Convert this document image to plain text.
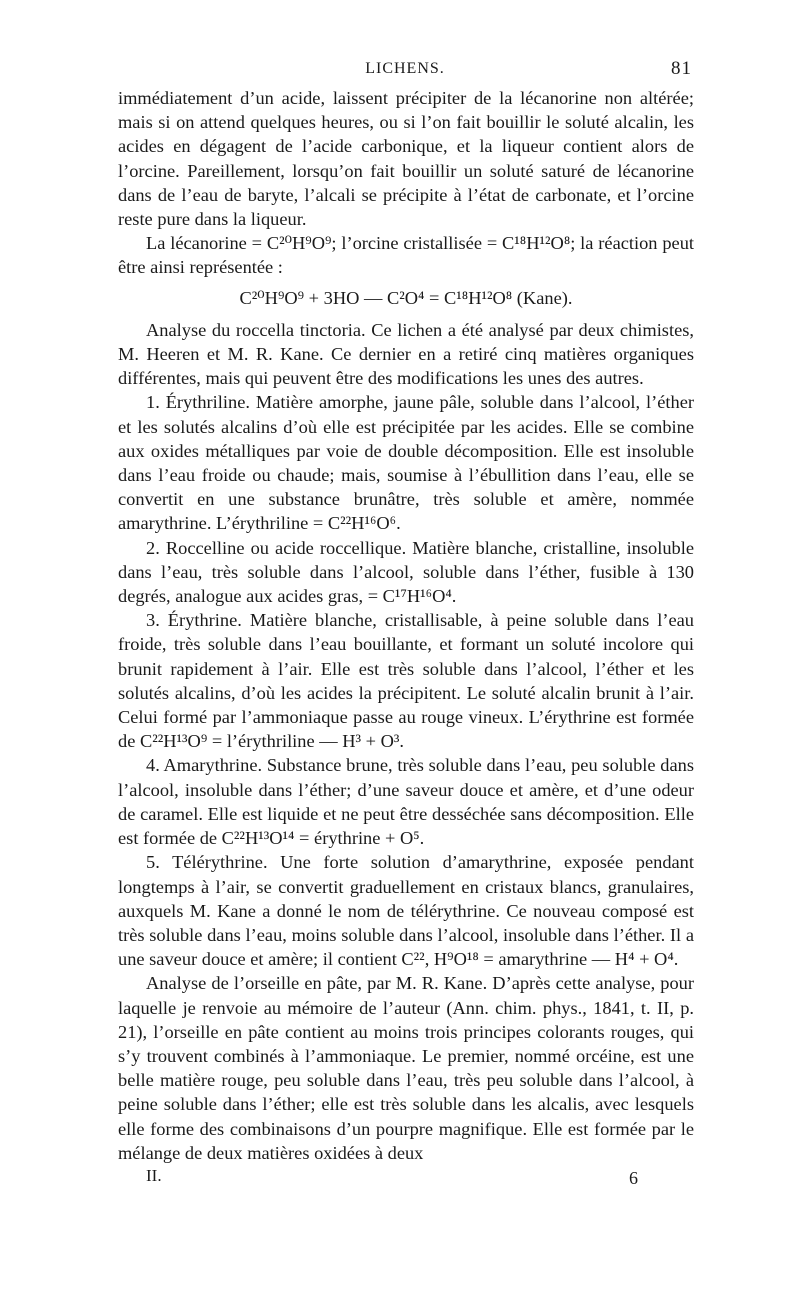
LICHENS.	81

immédiatement d’un acide, laissent précipiter de la lécanorine non altérée; mais si on attend quelques heures, ou si l’on fait bouillir le soluté alcalin, les acides en dégagent de l’acide carbonique, et la liqueur contient alors de l’orcine. Pareillement, lorsqu’on fait bouillir un soluté saturé de lécanorine dans de l’eau de baryte, l’alcali se précipite à l’état de carbonate, et l’orcine reste pure dans la liqueur.

La lécanorine = C²⁰H⁹O⁹; l’orcine cristallisée = C¹⁸H¹²O⁸; la réaction peut être ainsi représentée :

C²⁰H⁹O⁹ + 3HO — C²O⁴ = C¹⁸H¹²O⁸ (Kane).

Analyse du roccella tinctoria. Ce lichen a été analysé par deux chimistes, M. Heeren et M. R. Kane. Ce dernier en a retiré cinq matières organiques différentes, mais qui peuvent être des modifications les unes des autres.

1. Érythriline. Matière amorphe, jaune pâle, soluble dans l’alcool, l’éther et les solutés alcalins d’où elle est précipitée par les acides. Elle se combine aux oxides métalliques par voie de double décomposition. Elle est insoluble dans l’eau froide ou chaude; mais, soumise à l’ébullition dans l’eau, elle se convertit en une substance brunâtre, très soluble et amère, nommée amarythrine. L’érythriline = C²²H¹⁶O⁶.

2. Roccelline ou acide roccellique. Matière blanche, cristalline, insoluble dans l’eau, très soluble dans l’alcool, soluble dans l’éther, fusible à 130 degrés, analogue aux acides gras, = C¹⁷H¹⁶O⁴.

3. Érythrine. Matière blanche, cristallisable, à peine soluble dans l’eau froide, très soluble dans l’eau bouillante, et formant un soluté incolore qui brunit rapidement à l’air. Elle est très soluble dans l’alcool, l’éther et les solutés alcalins, d’où les acides la précipitent. Le soluté alcalin brunit à l’air. Celui formé par l’ammoniaque passe au rouge vineux. L’érythrine est formée de C²²H¹³O⁹ = l’érythriline — H³ + O³.

4. Amarythrine. Substance brune, très soluble dans l’eau, peu soluble dans l’alcool, insoluble dans l’éther; d’une saveur douce et amère, et d’une odeur de caramel. Elle est liquide et ne peut être desséchée sans décomposition. Elle est formée de C²²H¹³O¹⁴ = érythrine + O⁵.

5. Télérythrine. Une forte solution d’amarythrine, exposée pendant longtemps à l’air, se convertit graduellement en cristaux blancs, granulaires, auxquels M. Kane a donné le nom de télérythrine. Ce nouveau composé est très soluble dans l’eau, moins soluble dans l’alcool, insoluble dans l’éther. Il a une saveur douce et amère; il contient C²², H⁹O¹⁸ = amarythrine — H⁴ + O⁴.

Analyse de l’orseille en pâte, par M. R. Kane. D’après cette analyse, pour laquelle je renvoie au mémoire de l’auteur (Ann. chim. phys., 1841, t. II, p. 21), l’orseille en pâte contient au moins trois principes colorants rouges, qui s’y trouvent combinés à l’ammoniaque. Le premier, nommé orcéine, est une belle matière rouge, peu soluble dans l’eau, très peu soluble dans l’alcool, à peine soluble dans l’éther; elle est très soluble dans les alcalis, avec lesquels elle forme des combinaisons d’un pourpre magnifique. Elle est formée par le mélange de deux matières oxidées à deux

II.	6
